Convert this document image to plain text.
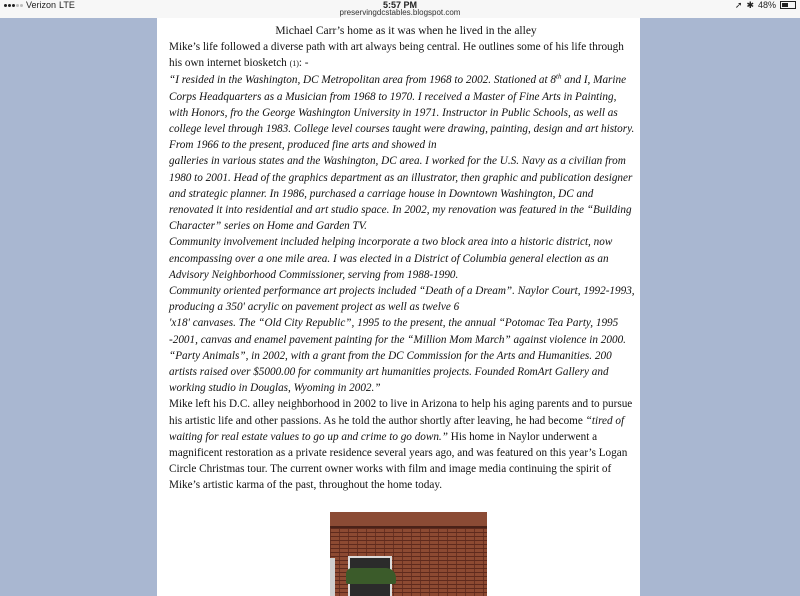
Verizon LTE	5:57 PM
preservingdcstables.blogspot.com
➚ ✱ 48%
Michael Carr’s home as it was when he lived in the alley

Mike’s life followed a diverse path with art always being central. He outlines some of his life through his own internet biosketch (1): -

“I resided in the Washington, DC Metropolitan area from 1968 to 2002. Stationed at 8th and I, Marine Corps Headquarters as a Musician from 1968 to 1970. I received a Master of Fine Arts in Painting, with Honors, fro the George Washington University in 1971. Instructor in Public Schools, as well as college level through 1983. College level courses taught were drawing, painting, design and art history.

From 1966 to the present, produced fine arts and showed in

galleries in various states and the Washington, DC area. I worked for the U.S. Navy as a civilian from 1980 to 2001. Head of the graphics department as an illustrator, then graphic and publication designer and strategic planner. In 1986, purchased a carriage house in Downtown Washington, DC and renovated it into residential and art studio space. In 2002, my renovation was featured in the “Building Character” series on Home and Garden TV.

Community involvement included helping incorporate a two block area into a historic district, now encompassing over a one mile area. I was elected in a District of Columbia general election as an Advisory Neighborhood Commissioner, serving from 1988-1990.

Community oriented performance art projects included “Death of a Dream”. Naylor Court, 1992-1993, producing a 350' acrylic on pavement project as well as twelve 6

'x18' canvases. The “Old City Republic”, 1995 to the present, the annual “Potomac Tea Party, 1995 -2001, canvas and enamel pavement painting for the “Million Mom March” against violence in 2000. “Party Animals”, in 2002, with a grant from the DC Commission for the Arts and Humanities. 200 artists raised over $5000.00 for community art humanities projects. Founded RomArt Gallery and working studio in Douglas, Wyoming in 2002.”

Mike left his D.C. alley neighborhood in 2002 to live in Arizona to help his aging parents and to pursue his artistic life and other passions. As he told the author shortly after leaving, he had become “tired of waiting for real estate values to go up and crime to go down.” His home in Naylor underwent a magnificent restoration as a private residence several years ago, and was featured on this year’s Logan Circle Christmas tour. The current owner works with film and image media continuing the spirit of Mike’s artistic karma of the past, throughout the home today.
